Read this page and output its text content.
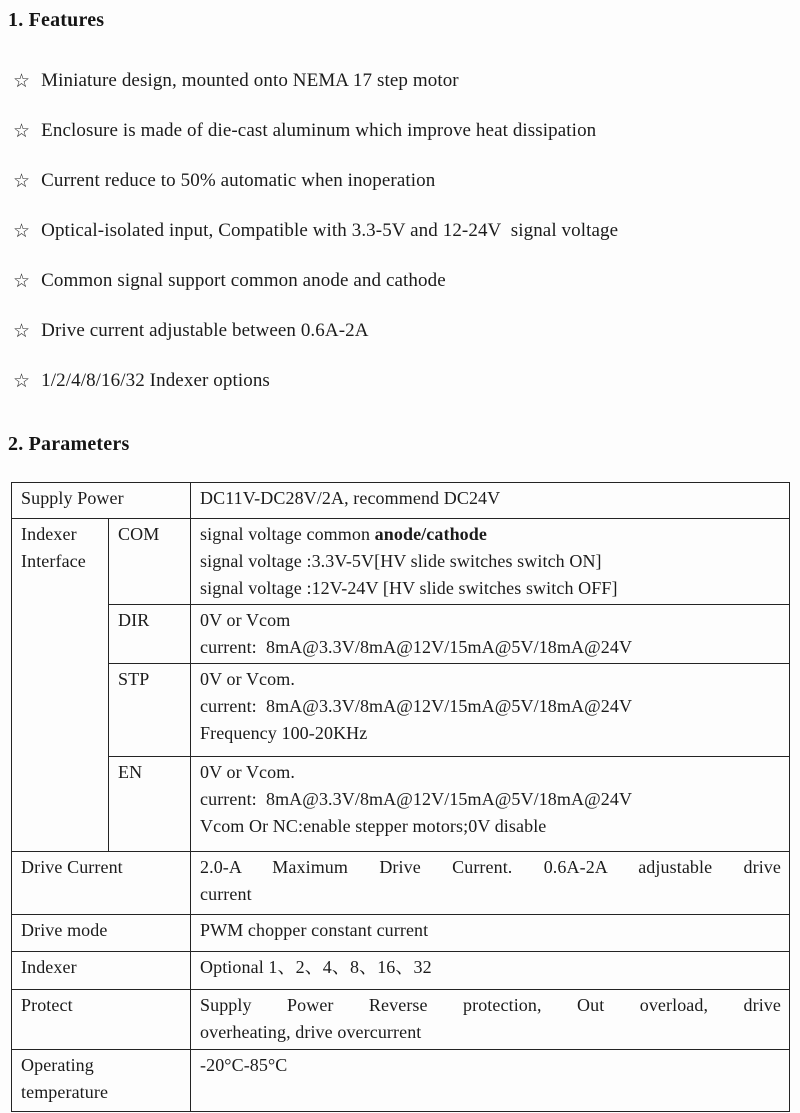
1. Features
☆ Miniature design, mounted onto NEMA 17 step motor
☆ Enclosure is made of die-cast aluminum which improve heat dissipation
☆ Current reduce to 50% automatic when inoperation
☆ Optical-isolated input, Compatible with 3.3-5V and 12-24V  signal voltage
☆ Common signal support common anode and cathode
☆ Drive current adjustable between 0.6A-2A
☆ 1/2/4/8/16/32 Indexer options
2. Parameters
Supply Power		DC11V-DC28V/2A, recommend DC24V

Indexer
Interface	COM	signal voltage common anode/cathode
signal voltage :3.3V-5V[HV slide switches switch ON]
signal voltage :12V-24V [HV slide switches switch OFF]

	DIR	0V or Vcom
current:  8mA@3.3V/8mA@12V/15mA@5V/18mA@24V

	STP	0V or Vcom.
current:  8mA@3.3V/8mA@12V/15mA@5V/18mA@24V
Frequency 100-20KHz

	EN	0V or Vcom.
current:  8mA@3.3V/8mA@12V/15mA@5V/18mA@24V
Vcom Or NC:enable stepper motors;0V disable

Drive Current		2.0-A Maximum Drive Current. 0.6A-2A adjustable drive
current

Drive mode		PWM chopper constant current
Indexer		Optional 1、2、4、8、16、32
Protect		Supply Power Reverse protection, Out overload, drive
overheating, drive overcurrent

Operating
temperature		-20°C-85°C
